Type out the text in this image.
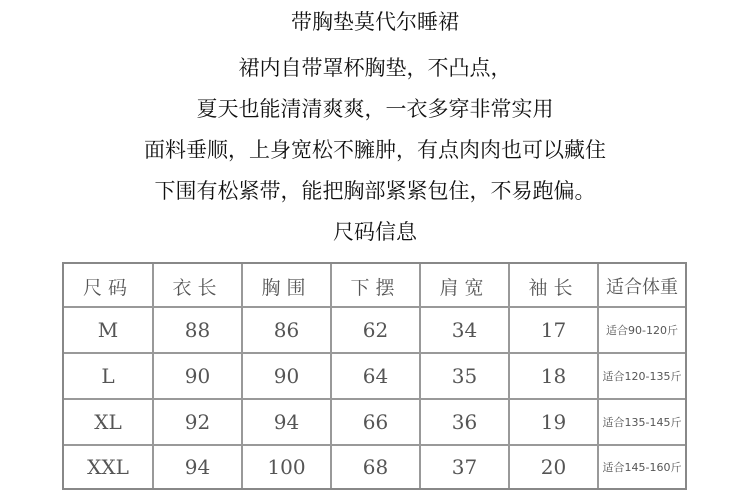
带胸垫莫代尔睡裙
裙内自带罩杯胸垫，不凸点，
夏天也能清清爽爽，一衣多穿非常实用
面料垂顺，上身宽松不臃肿，有点肉肉也可以藏住
下围有松紧带，能把胸部紧紧包住，不易跑偏。
尺码信息
尺码	衣长	胸围	下摆	肩宽	袖长	适合体重
M	88	86	62	34	17	适合90-120斤
L	90	90	64	35	18	适合120-135斤
XL	92	94	66	36	19	适合135-145斤
XXL	94	100	68	37	20	适合145-160斤
